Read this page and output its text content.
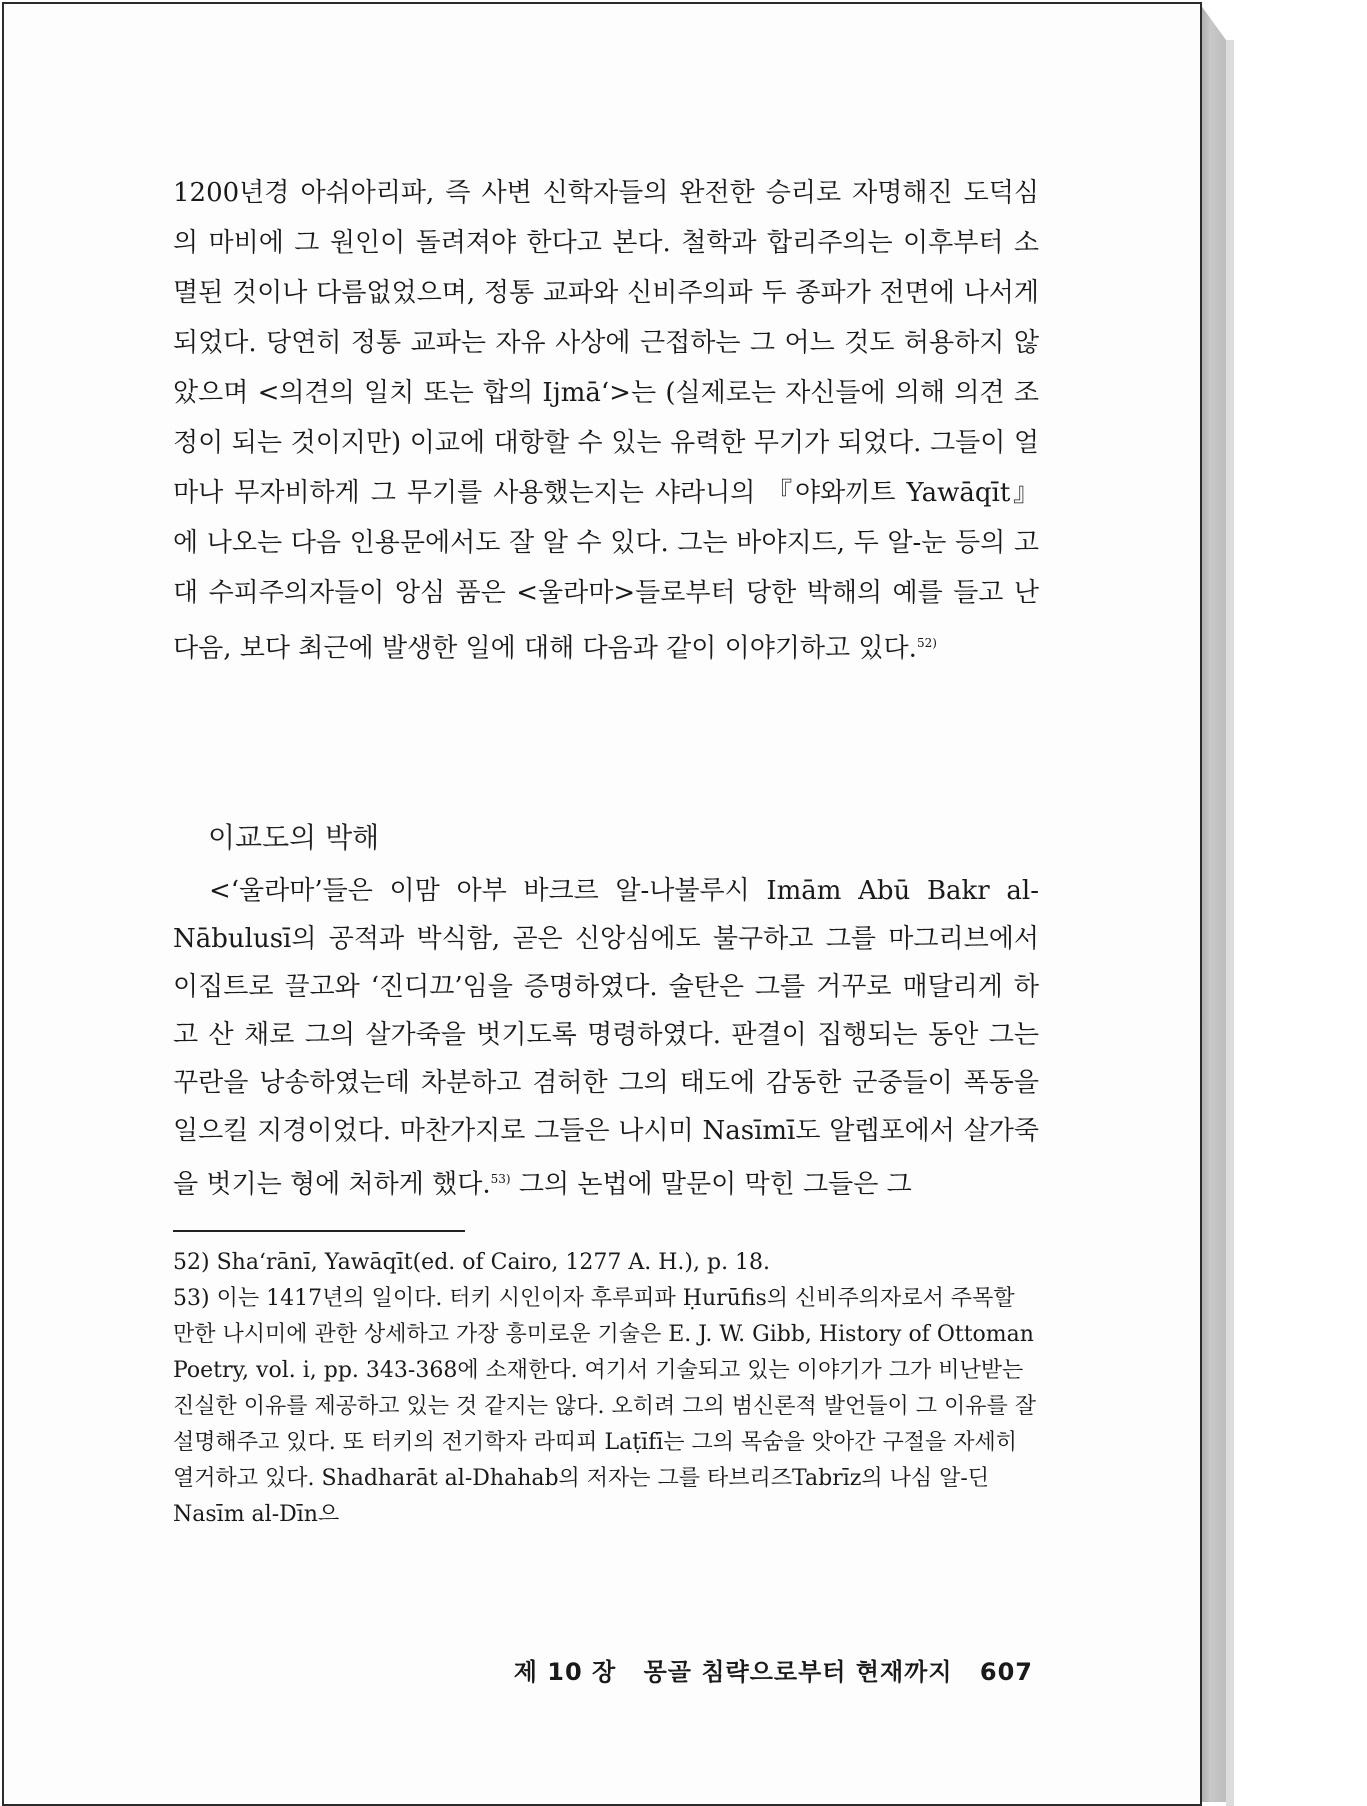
1200년경 아쉬아리파, 즉 사변 신학자들의 완전한 승리로 자명해진 도덕심의 마비에 그 원인이 돌려져야 한다고 본다. 철학과 합리주의는 이후부터 소멸된 것이나 다름없었으며, 정통 교파와 신비주의파 두 종파가 전면에 나서게 되었다. 당연히 정통 교파는 자유 사상에 근접하는 그 어느 것도 허용하지 않았으며 <의견의 일치 또는 합의 Ijmā‘>는 (실제로는 자신들에 의해 의견 조정이 되는 것이지만) 이교에 대항할 수 있는 유력한 무기가 되었다. 그들이 얼마나 무자비하게 그 무기를 사용했는지는 샤라니의 『야와끼트 Yawāqīt』에 나오는 다음 인용문에서도 잘 알 수 있다. 그는 바야지드, 두 알-눈 등의 고대 수피주의자들이 앙심 품은 <울라마>들로부터 당한 박해의 예를 들고 난 다음, 보다 최근에 발생한 일에 대해 다음과 같이 이야기하고 있다.$^{52)}$
이교도의 박해
<‘울라마’들은 이맘 아부 바크르 알-나불루시 Imām Abū Bakr al-Nābulusī의 공적과 박식함, 곧은 신앙심에도 불구하고 그를 마그리브에서 이집트로 끌고와 ‘진디끄’임을 증명하였다. 술탄은 그를 거꾸로 매달리게 하고 산 채로 그의 살가죽을 벗기도록 명령하였다. 판결이 집행되는 동안 그는 꾸란을 낭송하였는데 차분하고 겸허한 그의 태도에 감동한 군중들이 폭동을 일으킬 지경이었다. 마찬가지로 그들은 나시미 Nasīmī도 알렙포에서 살가죽을 벗기는 형에 처하게 했다.$^{53)}$ 그의 논법에 말문이 막힌 그들은 그

52) Sha‘rānī, Yawāqīt(ed. of Cairo, 1277 A. H.), p. 18.

53) 이는 1417년의 일이다. 터키 시인이자 후루피파 Ḥurūfis의 신비주의자로서 주목할 만한 나시미에 관한 상세하고 가장 흥미로운 기술은 E. J. W. Gibb, History of Ottoman Poetry, vol. i, pp. 343-368에 소재한다. 여기서 기술되고 있는 이야기가 그가 비난받는 진실한 이유를 제공하고 있는 것 같지는 않다. 오히려 그의 범신론적 발언들이 그 이유를 잘 설명해주고 있다. 또 터키의 전기학자 라띠피 Laṭīfī는 그의 목숨을 앗아간 구절을 자세히 열거하고 있다. Shadharāt al-Dhahab의 저자는 그를 타브리즈Tabrīz의 나심 알-딘Nasīm al-Dīn으

제 10 장 몽골 침략으로부터 현재까지 607
